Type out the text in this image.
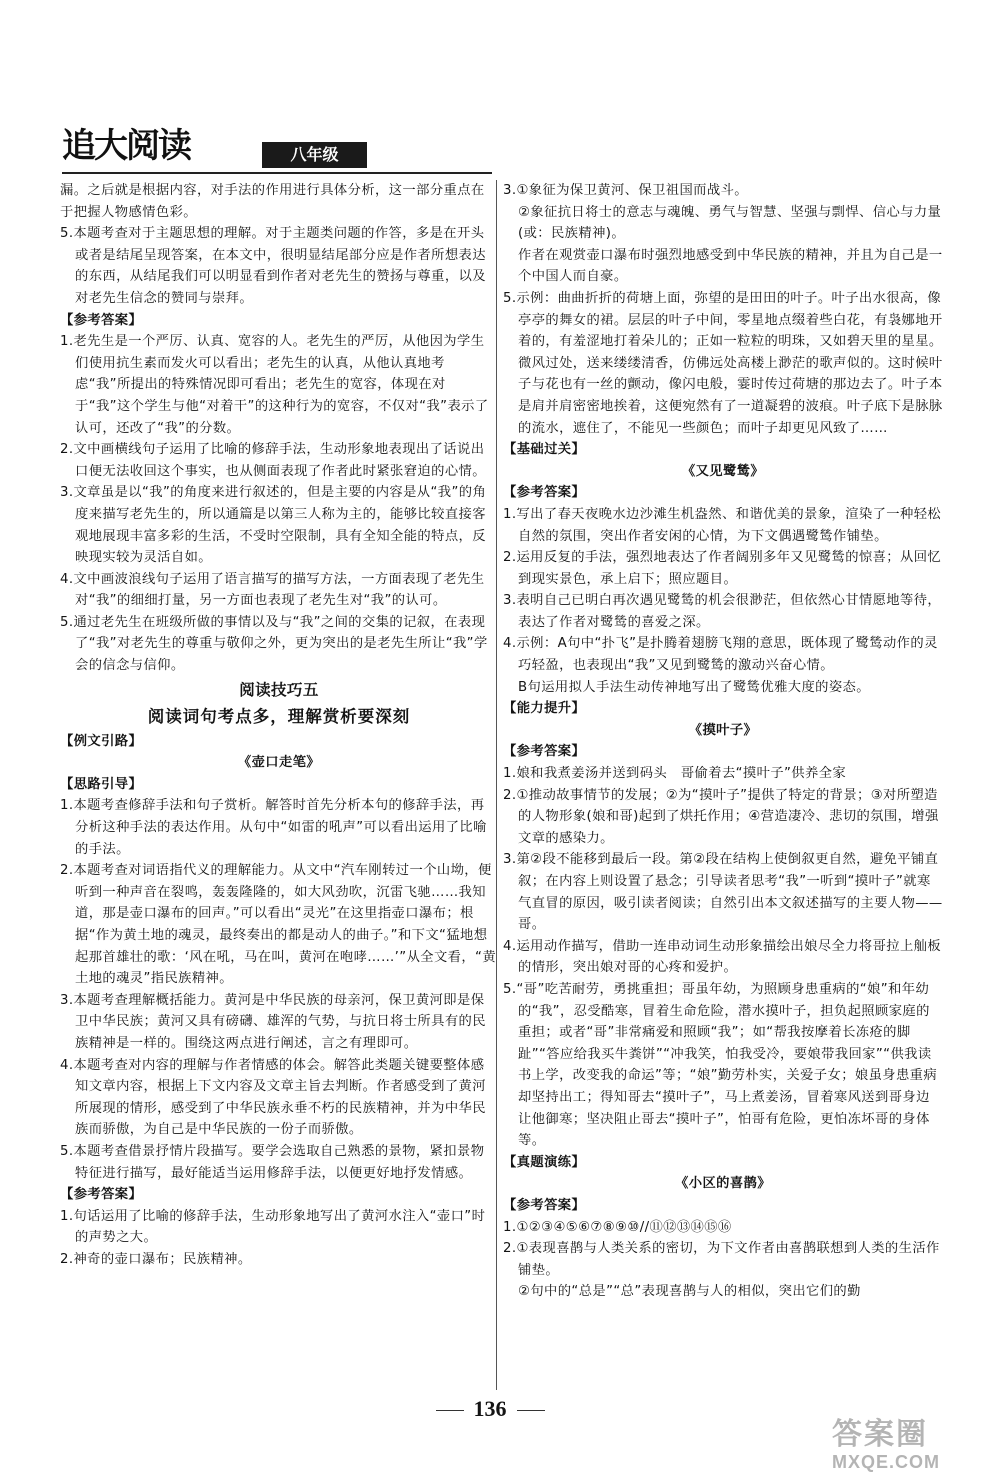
追大阅读	八年级

漏。之后就是根据内容，对手法的作用进行具体分析，这一部分重点在于把握人物感情色彩。

5.本题考查对于主题思想的理解。对于主题类问题的作答，多是在开头或者是结尾呈现答案，在本文中，很明显结尾部分应是作者所想表达的东西，从结尾我们可以明显看到作者对老先生的赞扬与尊重，以及对老先生信念的赞同与崇拜。

【参考答案】

1.老先生是一个严厉、认真、宽容的人。老先生的严厉，从他因为学生们使用抗生素而发火可以看出；老先生的认真，从他认真地考虑“我”所提出的特殊情况即可看出；老先生的宽容，体现在对于“我”这个学生与他“对着干”的这种行为的宽容，不仅对“我”表示了认可，还改了“我”的分数。

2.文中画横线句子运用了比喻的修辞手法，生动形象地表现出了话说出口便无法收回这个事实，也从侧面表现了作者此时紧张窘迫的心情。

3.文章虽是以“我”的角度来进行叙述的，但是主要的内容是从“我”的角度来描写老先生的，所以通篇是以第三人称为主的，能够比较直接客观地展现丰富多彩的生活，不受时空限制，具有全知全能的特点，反映现实较为灵活自如。

4.文中画波浪线句子运用了语言描写的描写方法，一方面表现了老先生对“我”的细细打量，另一方面也表现了老先生对“我”的认可。

5.通过老先生在班级所做的事情以及与“我”之间的交集的记叙，在表现了“我”对老先生的尊重与敬仰之外，更为突出的是老先生所让“我”学会的信念与信仰。

阅读技巧五

阅读词句考点多，理解赏析要深刻

【例文引路】

《壶口走笔》

【思路引导】

1.本题考查修辞手法和句子赏析。解答时首先分析本句的修辞手法，再分析这种手法的表达作用。从句中“如雷的吼声”可以看出运用了比喻的手法。

2.本题考查对词语指代义的理解能力。从文中“汽车刚转过一个山坳，便听到一种声音在裂鸣，轰轰隆隆的，如大风劲吹，沉雷飞驰……我知道，那是壶口瀑布的回声。”可以看出“灵光”在这里指壶口瀑布；根据“作为黄土地的魂灵，最终奏出的都是动人的曲子。”和下文“猛地想起那首雄壮的歌：‘风在吼，马在叫，黄河在咆哮……’”从全文看，“黄土地的魂灵”指民族精神。

3.本题考查理解概括能力。黄河是中华民族的母亲河，保卫黄河即是保卫中华民族；黄河又具有磅礴、雄浑的气势，与抗日将士所具有的民族精神是一样的。围绕这两点进行阐述，言之有理即可。

4.本题考查对内容的理解与作者情感的体会。解答此类题关键要整体感知文章内容，根据上下文内容及文章主旨去判断。作者感受到了黄河所展现的情形，感受到了中华民族永垂不朽的民族精神，并为中华民族而骄傲，为自己是中华民族的一份子而骄傲。

5.本题考查借景抒情片段描写。要学会选取自己熟悉的景物，紧扣景物特征进行描写，最好能适当运用修辞手法，以便更好地抒发情感。

【参考答案】

1.句话运用了比喻的修辞手法，生动形象地写出了黄河水注入“壶口”时的声势之大。

2.神奇的壶口瀑布；民族精神。

3.①象征为保卫黄河、保卫祖国而战斗。

②象征抗日将士的意志与魂魄、勇气与智慧、坚强与剽悍、信心与力量(或：民族精神)。

作者在观赏壶口瀑布时强烈地感受到中华民族的精神，并且为自己是一个中国人而自豪。

5.示例：曲曲折折的荷塘上面，弥望的是田田的叶子。叶子出水很高，像亭亭的舞女的裙。层层的叶子中间，零星地点缀着些白花，有袅娜地开着的，有羞涩地打着朵儿的；正如一粒粒的明珠，又如碧天里的星星。微风过处，送来缕缕清香，仿佛远处高楼上渺茫的歌声似的。这时候叶子与花也有一丝的颤动，像闪电般，霎时传过荷塘的那边去了。叶子本是肩并肩密密地挨着，这便宛然有了一道凝碧的波痕。叶子底下是脉脉的流水，遮住了，不能见一些颜色；而叶子却更见风致了……

【基础过关】

《又见鹭鸶》

【参考答案】

1.写出了春天夜晚水边沙滩生机盎然、和谐优美的景象，渲染了一种轻松自然的氛围，突出作者安闲的心情，为下文偶遇鹭鸶作铺垫。

2.运用反复的手法，强烈地表达了作者阔别多年又见鹭鸶的惊喜；从回忆到现实景色，承上启下；照应题目。

3.表明自己已明白再次遇见鹭鸶的机会很渺茫，但依然心甘情愿地等待，表达了作者对鹭鸶的喜爱之深。

4.示例：A句中“扑飞”是扑腾着翅膀飞翔的意思，既体现了鹭鸶动作的灵巧轻盈，也表现出“我”又见到鹭鸶的激动兴奋心情。

B句运用拟人手法生动传神地写出了鹭鸶优雅大度的姿态。

【能力提升】

《摸叶子》

【参考答案】

1.娘和我煮姜汤并送到码头　哥偷着去“摸叶子”供养全家

2.①推动故事情节的发展；②为“摸叶子”提供了特定的背景；③对所塑造的人物形象(娘和哥)起到了烘托作用；④营造凄冷、悲切的氛围，增强文章的感染力。

3.第②段不能移到最后一段。第②段在结构上使倒叙更自然，避免平铺直叙；在内容上则设置了悬念；引导读者思考“我”一听到“摸叶子”就寒气直冒的原因，吸引读者阅读；自然引出本文叙述描写的主要人物——哥。

4.运用动作描写，借助一连串动词生动形象描绘出娘尽全力将哥拉上舢板的情形，突出娘对哥的心疼和爱护。

5.“哥”吃苦耐劳，勇挑重担；哥虽年幼，为照顾身患重病的“娘”和年幼的“我”，忍受酷寒，冒着生命危险，潜水摸叶子，担负起照顾家庭的重担；或者“哥”非常痛爱和照顾“我”；如“帮我按摩着长冻疮的脚趾”“答应给我买牛粪饼”“冲我笑，怕我受冷，要娘带我回家”“供我读书上学，改变我的命运”等；“娘”勤劳朴实，关爱子女；娘虽身患重病却坚持出工；得知哥去“摸叶子”，马上煮姜汤，冒着寒风送到哥身边让他御寒；坚决阻止哥去“摸叶子”，怕哥有危险，更怕冻坏哥的身体等。

【真题演练】

《小区的喜鹊》

【参考答案】

1.①②③④⑤⑥⑦⑧⑨⑩//⑪⑫⑬⑭⑮⑯

2.①表现喜鹊与人类关系的密切，为下文作者由喜鹊联想到人类的生活作铺垫。

②句中的“总是”“总”表现喜鹊与人的相似，突出它们的勤

136
答案圈
MXQE.COM
